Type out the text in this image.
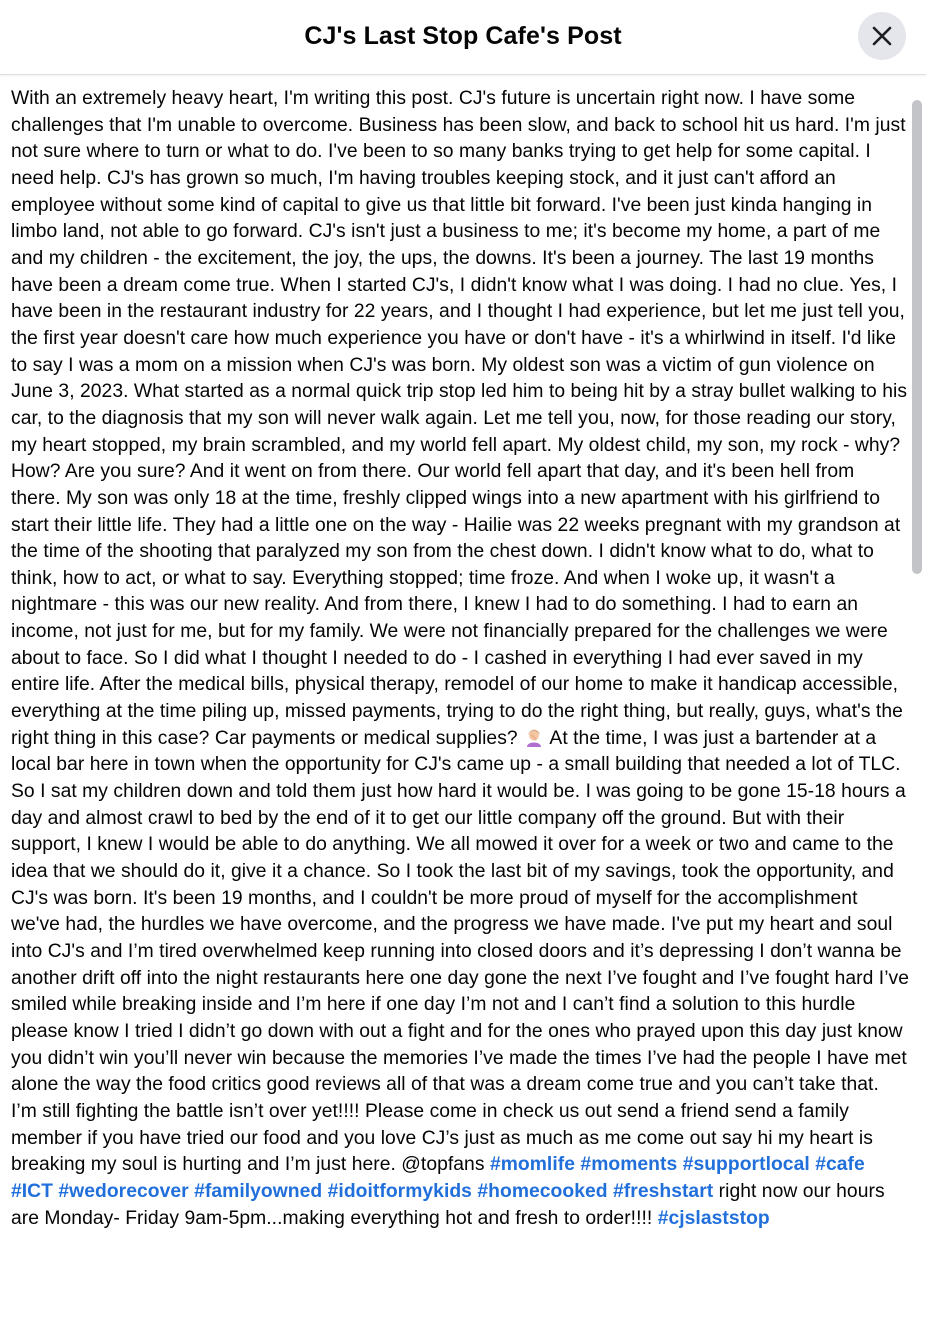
CJ's Last Stop Cafe's Post

With an extremely heavy heart, I'm writing this post. CJ's future is uncertain right now. I have some challenges that I'm unable to overcome. Business has been slow, and back to school hit us hard. I'm just not sure where to turn or what to do. I've been to so many banks trying to get help for some capital. I need help. CJ's has grown so much, I'm having troubles keeping stock, and it just can't afford an employee without some kind of capital to give us that little bit forward. I've been just kinda hanging in limbo land, not able to go forward. CJ's isn't just a business to me; it's become my home, a part of me and my children - the excitement, the joy, the ups, the downs. It's been a journey. The last 19 months have been a dream come true. When I started CJ's, I didn't know what I was doing. I had no clue. Yes, I have been in the restaurant industry for 22 years, and I thought I had experience, but let me just tell you, the first year doesn't care how much experience you have or don't have - it's a whirlwind in itself. I'd like to say I was a mom on a mission when CJ's was born. My oldest son was a victim of gun violence on June 3, 2023. What started as a normal quick trip stop led him to being hit by a stray bullet walking to his car, to the diagnosis that my son will never walk again. Let me tell you, now, for those reading our story, my heart stopped, my brain scrambled, and my world fell apart. My oldest child, my son, my rock - why? How? Are you sure? And it went on from there. Our world fell apart that day, and it's been hell from there. My son was only 18 at the time, freshly clipped wings into a new apartment with his girlfriend to start their little life. They had a little one on the way - Hailie was 22 weeks pregnant with my grandson at the time of the shooting that paralyzed my son from the chest down. I didn't know what to do, what to think, how to act, or what to say. Everything stopped; time froze. And when I woke up, it wasn't a nightmare - this was our new reality. And from there, I knew I had to do something. I had to earn an income, not just for me, but for my family. We were not financially prepared for the challenges we were about to face. So I did what I thought I needed to do - I cashed in everything I had ever saved in my entire life. After the medical bills, physical therapy, remodel of our home to make it handicap accessible, everything at the time piling up, missed payments, trying to do the right thing, but really, guys, what's the right thing in this case? Car payments or medical supplies?  At the time, I was just a bartender at a local bar here in town when the opportunity for CJ's came up - a small building that needed a lot of TLC. So I sat my children down and told them just how hard it would be. I was going to be gone 15-18 hours a day and almost crawl to bed by the end of it to get our little company off the ground. But with their support, I knew I would be able to do anything. We all mowed it over for a week or two and came to the idea that we should do it, give it a chance. So I took the last bit of my savings, took the opportunity, and CJ's was born. It's been 19 months, and I couldn't be more proud of myself for the accomplishment we've had, the hurdles we have overcome, and the progress we have made. I've put my heart and soul into CJ's and I’m tired overwhelmed keep running into closed doors and it’s depressing I don’t wanna be another drift off into the night restaurants here one day gone the next I’ve fought and I’ve fought hard I’ve smiled while breaking inside and I’m here if one day I’m not and I can’t find a solution to this hurdle please know I tried I didn’t go down with out a fight and for the ones who prayed upon this day just know you didn’t win you’ll never win because the memories I’ve made the times I’ve had the people I have met alone the way the food critics good reviews all of that was a dream come true and you can’t take that. I’m still fighting the battle isn’t over yet!!!! Please come in check us out send a friend send a family member if you have tried our food and you love CJ’s just as much as me come out say hi my heart is breaking my soul is hurting and I’m just here. @topfans #momlife #moments #supportlocal #cafe #ICT #wedorecover #familyowned #idoitformykids #homecooked #freshstart right now our hours are Monday- Friday 9am-5pm...making everything hot and fresh to order!!!! #cjslaststop
